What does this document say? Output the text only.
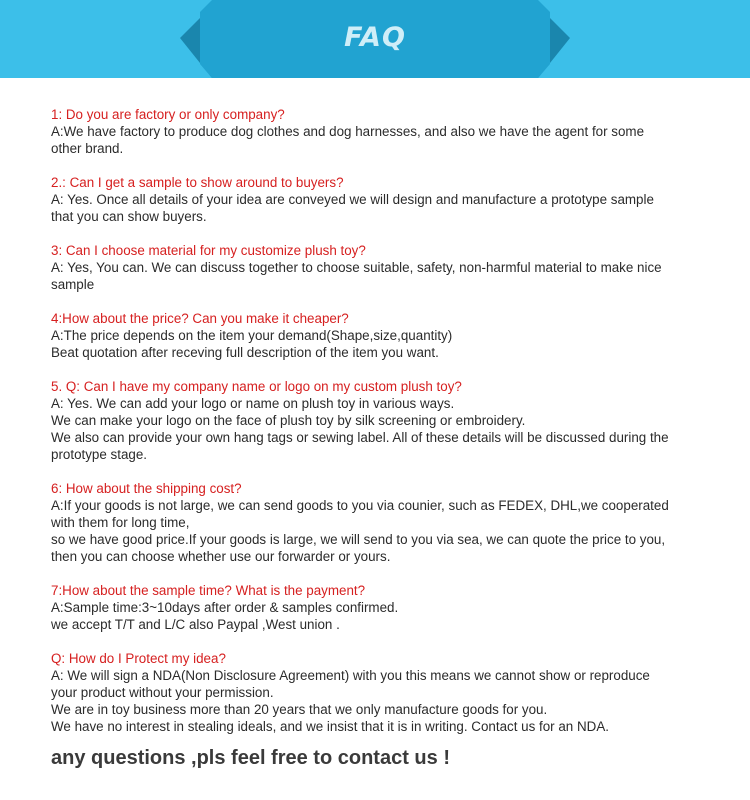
FAQ
1: Do you are factory or only company?
A:We have factory to produce dog clothes and dog harnesses, and also we have the agent for some
other brand.
2.: Can I get a sample to show around to buyers?
A: Yes. Once all details of your idea are conveyed we will design and manufacture a prototype sample
that you can show buyers.
3: Can I choose material for my customize plush toy?
A: Yes, You can. We can discuss together to choose suitable, safety, non-harmful material to make nice
sample
4:How about the price? Can you make it cheaper?
A:The price depends on the item your demand(Shape,size,quantity)
Beat quotation after receving full description of the item you want.
5. Q: Can I have my company name or logo on my custom plush toy?
A: Yes. We can add your logo or name on plush toy in various ways.
We can make your logo on the face of plush toy by silk screening or embroidery.
We also can provide your own hang tags or sewing label. All of these details will be discussed during the
prototype stage.
6: How about the shipping cost?
A:If your goods is not large, we can send goods to you via counier, such as FEDEX, DHL,we cooperated
with them for long time,
so we have good price.If your goods is large, we will send to you via sea, we can quote the price to you,
then you can choose whether use our forwarder or yours.
7:How about the sample time? What is the payment?
A:Sample time:3~10days after order & samples confirmed.
we accept T/T and L/C also Paypal ,West union .
Q: How do I Protect my idea?
A: We will sign a NDA(Non Disclosure Agreement) with you this means we cannot show or reproduce
your product without your permission.
We are in toy business more than 20 years that we only manufacture goods for you.
We have no interest in stealing ideals, and we insist that it is in writing. Contact us for an NDA.
any questions ,pls feel free to contact us !
